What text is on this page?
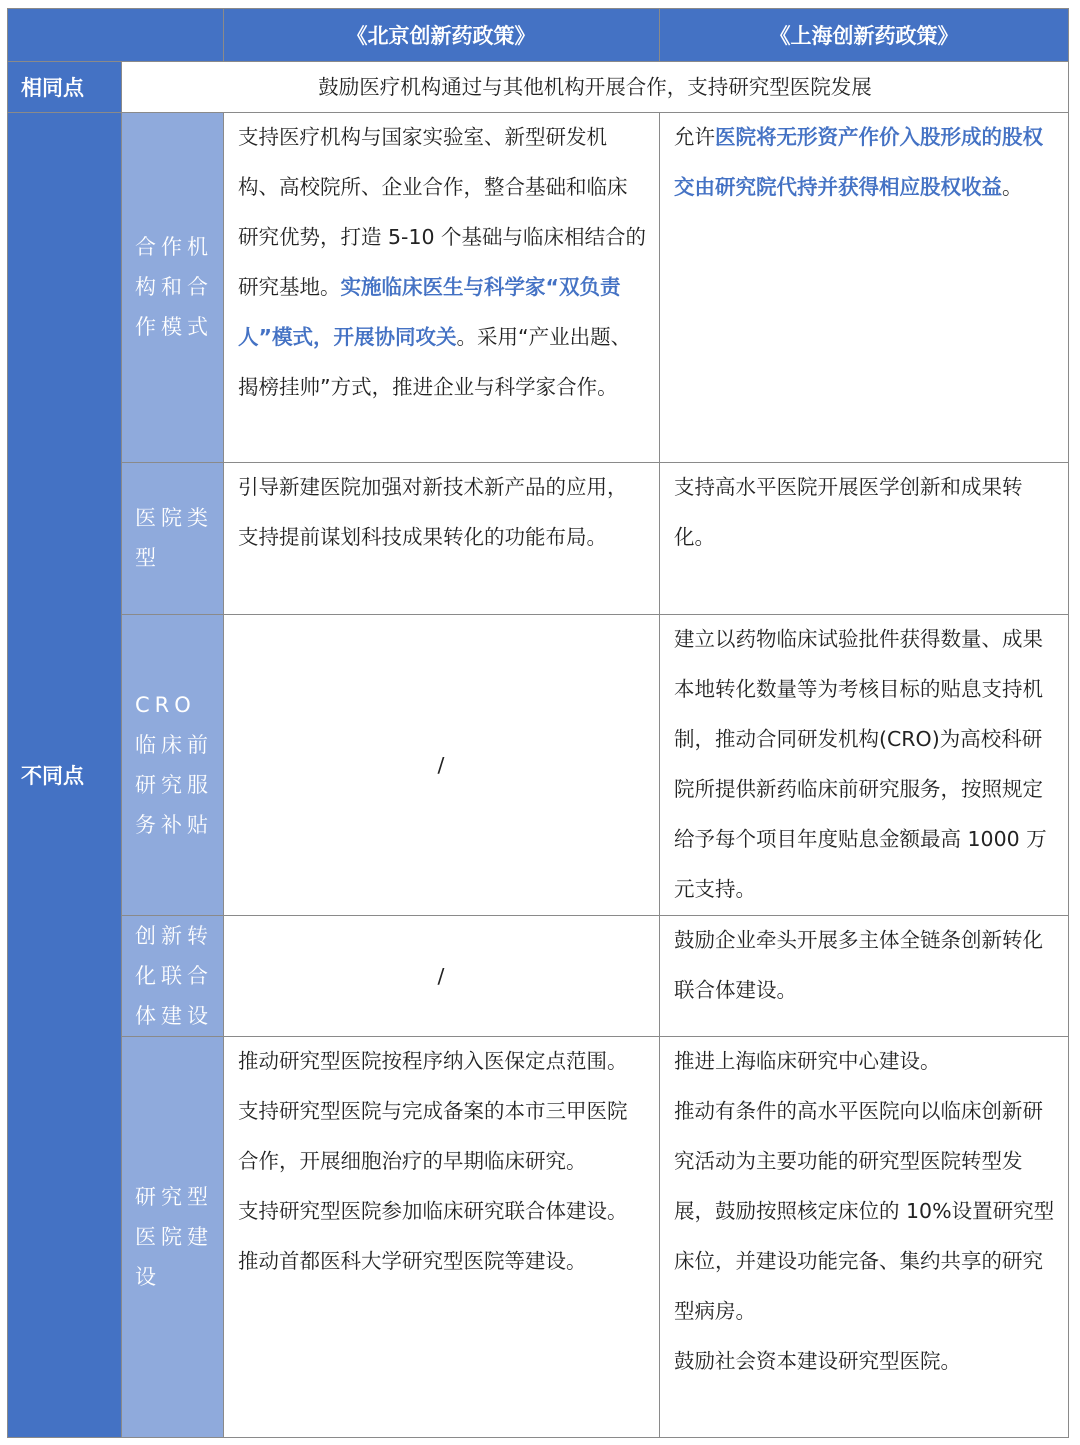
《北京创新药政策》	《上海创新药政策》
相同点	鼓励医疗机构通过与其他机构开展合作，支持研究型医院发展
不同点
合作机构和合作模式
支持医疗机构与国家实验室、新型研发机构、高校院所、企业合作，整合基础和临床研究优势，打造 5-10 个基础与临床相结合的研究基地。实施临床医生与科学家“双负责人”模式，开展协同攻关。采用“产业出题、揭榜挂帅”方式，推进企业与科学家合作。
允许医院将无形资产作价入股形成的股权交由研究院代持并获得相应股权收益。
医院类型
引导新建医院加强对新技术新产品的应用，支持提前谋划科技成果转化的功能布局。
支持高水平医院开展医学创新和成果转化。
CRO 临床前研究服务补贴
/
建立以药物临床试验批件获得数量、成果本地转化数量等为考核目标的贴息支持机制，推动合同研发机构(CRO)为高校科研院所提供新药临床前研究服务，按照规定给予每个项目年度贴息金额最高 1000 万元支持。
创新转化联合体建设
/
鼓励企业牵头开展多主体全链条创新转化联合体建设。
研究型医院建设

推动研究型医院按程序纳入医保定点范围。

支持研究型医院与完成备案的本市三甲医院合作，开展细胞治疗的早期临床研究。

支持研究型医院参加临床研究联合体建设。

推动首都医科大学研究型医院等建设。

推进上海临床研究中心建设。

推动有条件的高水平医院向以临床创新研究活动为主要功能的研究型医院转型发展，鼓励按照核定床位的 10%设置研究型床位，并建设功能完备、集约共享的研究型病房。

鼓励社会资本建设研究型医院。
